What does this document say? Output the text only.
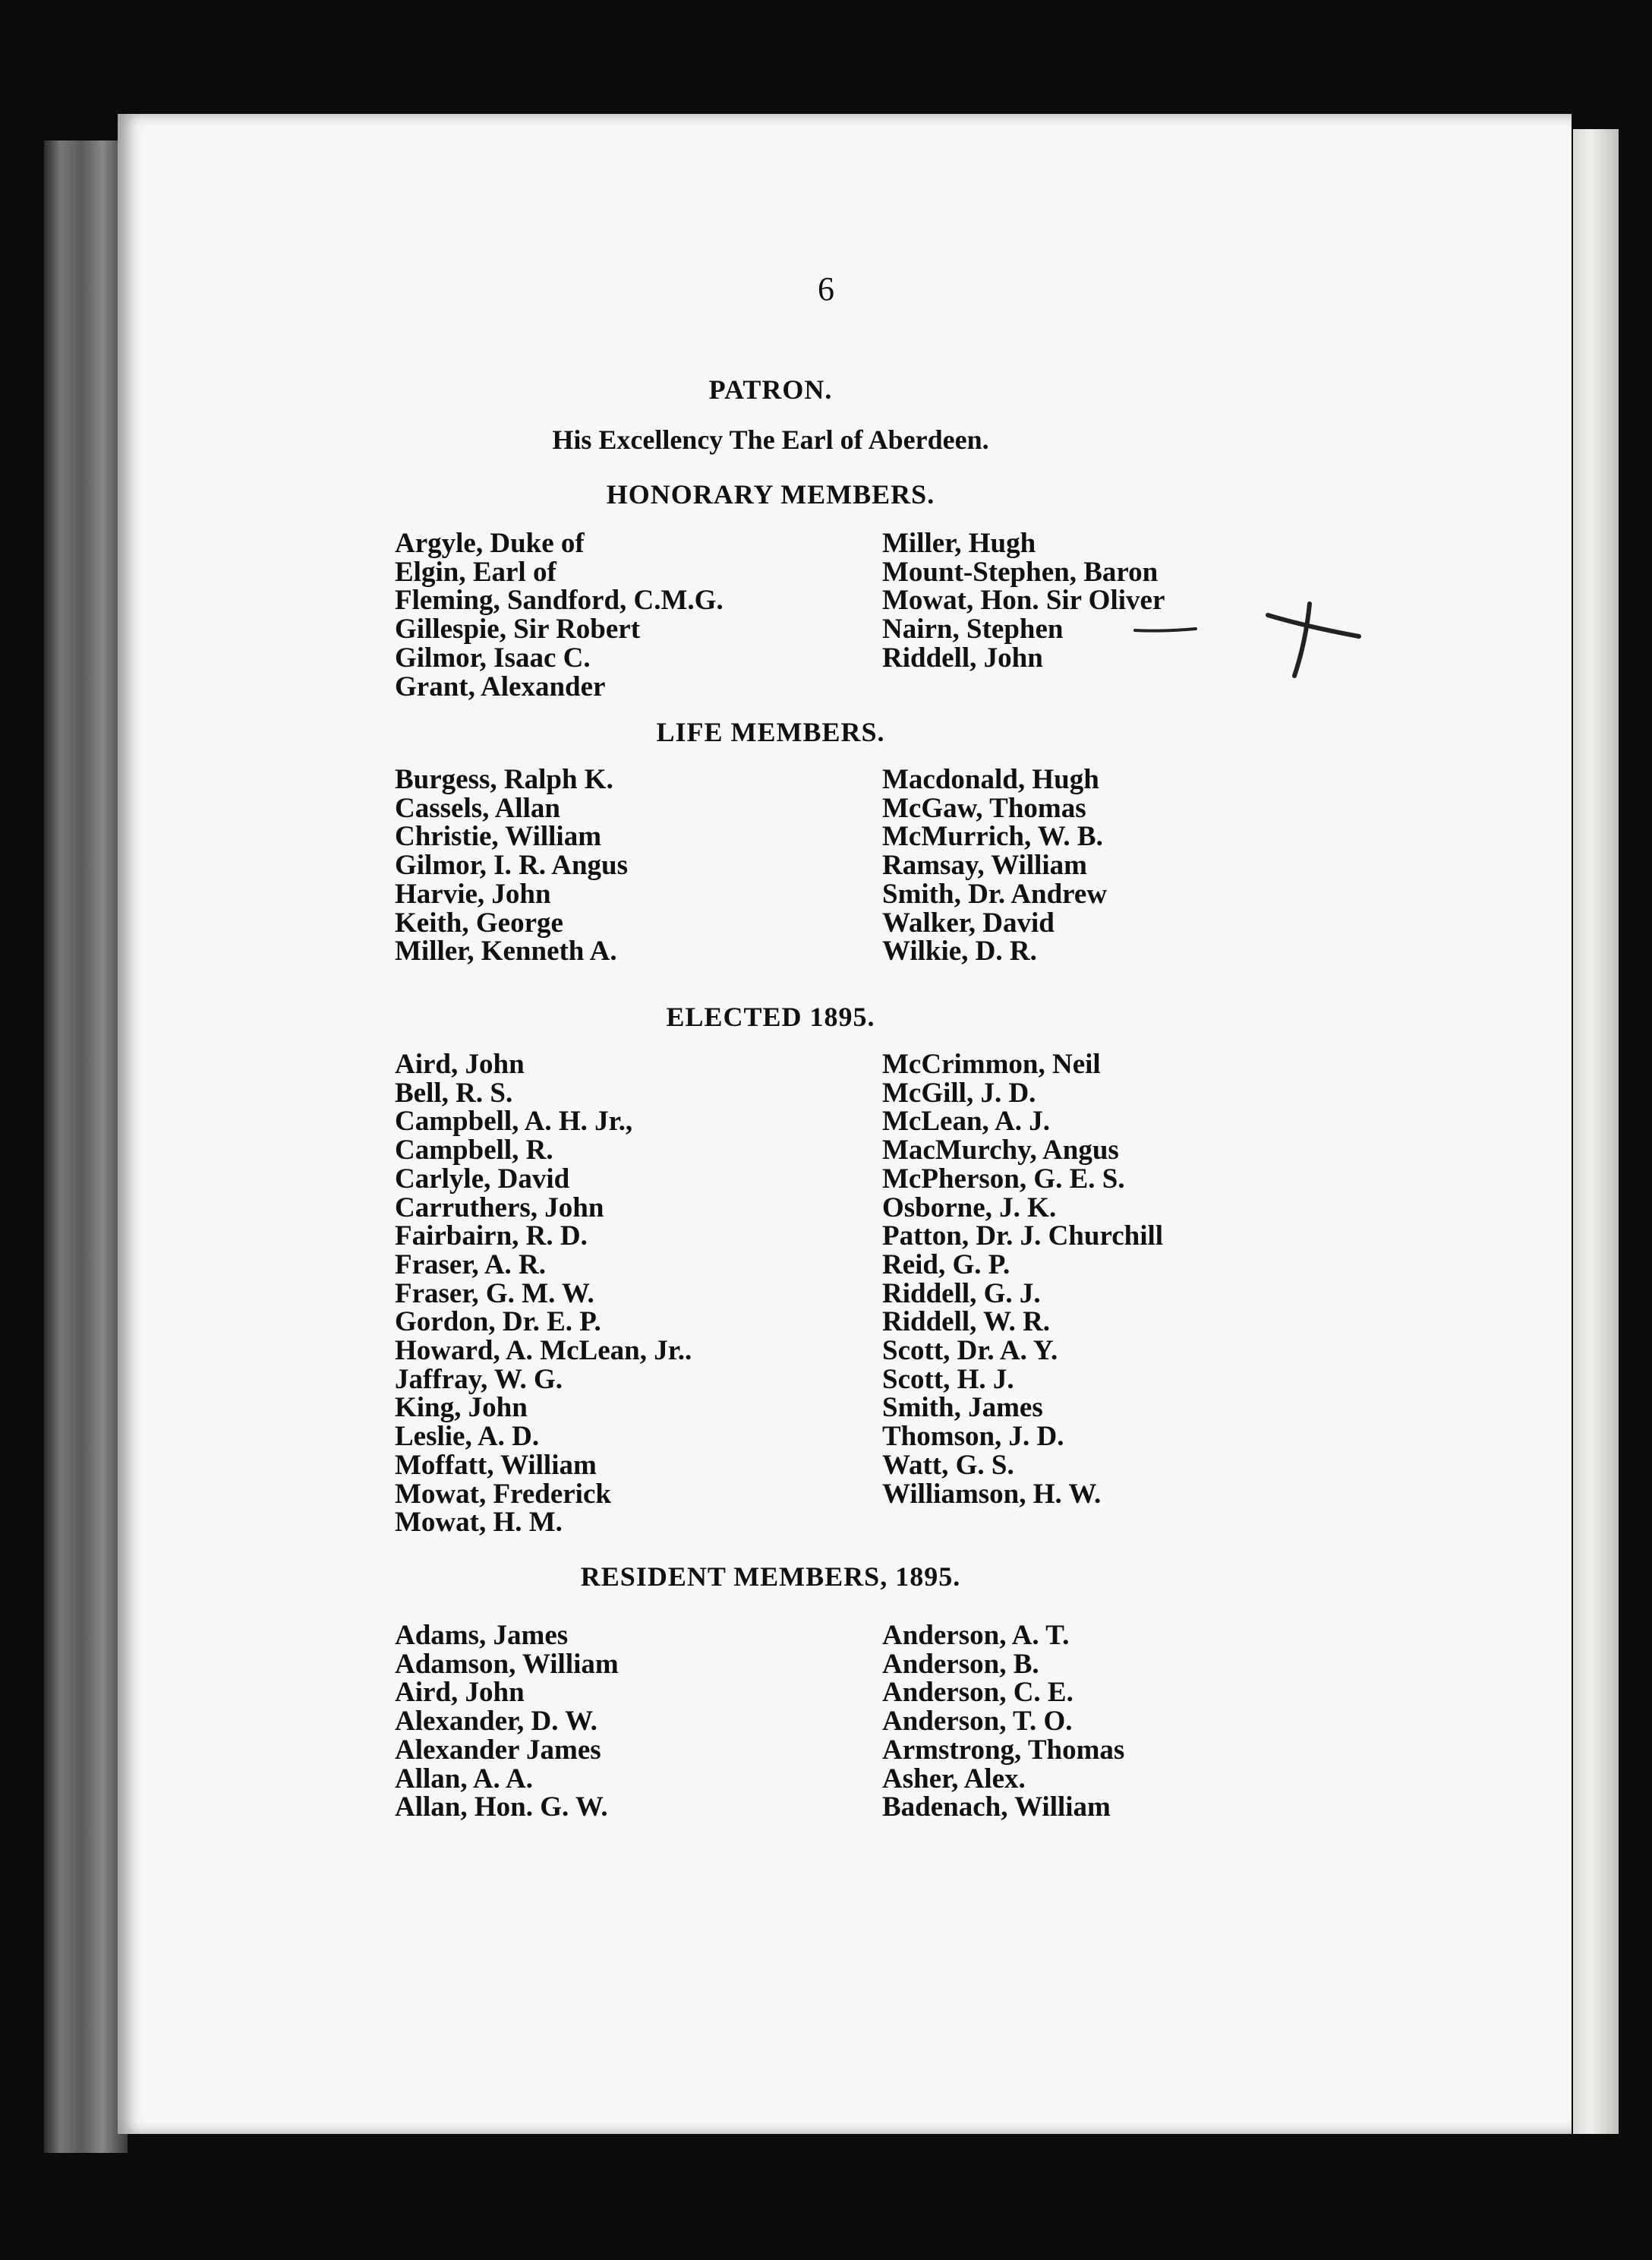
6
PATRON.
His Excellency The Earl of Aberdeen.
HONORARY MEMBERS.
Argyle, Duke of
Elgin, Earl of
Fleming, Sandford, C.M.G.
Gillespie, Sir Robert
Gilmor, Isaac C.
Grant, Alexander
Miller, Hugh
Mount-Stephen, Baron
Mowat, Hon. Sir Oliver
Nairn, Stephen
Riddell, John
LIFE MEMBERS.
Burgess, Ralph K.
Cassels, Allan
Christie, William
Gilmor, I. R. Angus
Harvie, John
Keith, George
Miller, Kenneth A.
Macdonald, Hugh
McGaw, Thomas
McMurrich, W. B.
Ramsay, William
Smith, Dr. Andrew
Walker, David
Wilkie, D. R.
ELECTED 1895.
Aird, John
Bell, R. S.
Campbell, A. H. Jr.,
Campbell, R.
Carlyle, David
Carruthers, John
Fairbairn, R. D.
Fraser, A. R.
Fraser, G. M. W.
Gordon, Dr. E. P.
Howard, A. McLean, Jr..
Jaffray, W. G.
King, John
Leslie, A. D.
Moffatt, William
Mowat, Frederick
Mowat, H. M.
McCrimmon, Neil
McGill, J. D.
McLean, A. J.
MacMurchy, Angus
McPherson, G. E. S.
Osborne, J. K.
Patton, Dr. J. Churchill
Reid, G. P.
Riddell, G. J.
Riddell, W. R.
Scott, Dr. A. Y.
Scott, H. J.
Smith, James
Thomson, J. D.
Watt, G. S.
Williamson, H. W.
RESIDENT MEMBERS, 1895.
Adams, James
Adamson, William
Aird, John
Alexander, D. W.
Alexander James
Allan, A. A.
Allan, Hon. G. W.
Anderson, A. T.
Anderson, B.
Anderson, C. E.
Anderson, T. O.
Armstrong, Thomas
Asher, Alex.
Badenach, William
